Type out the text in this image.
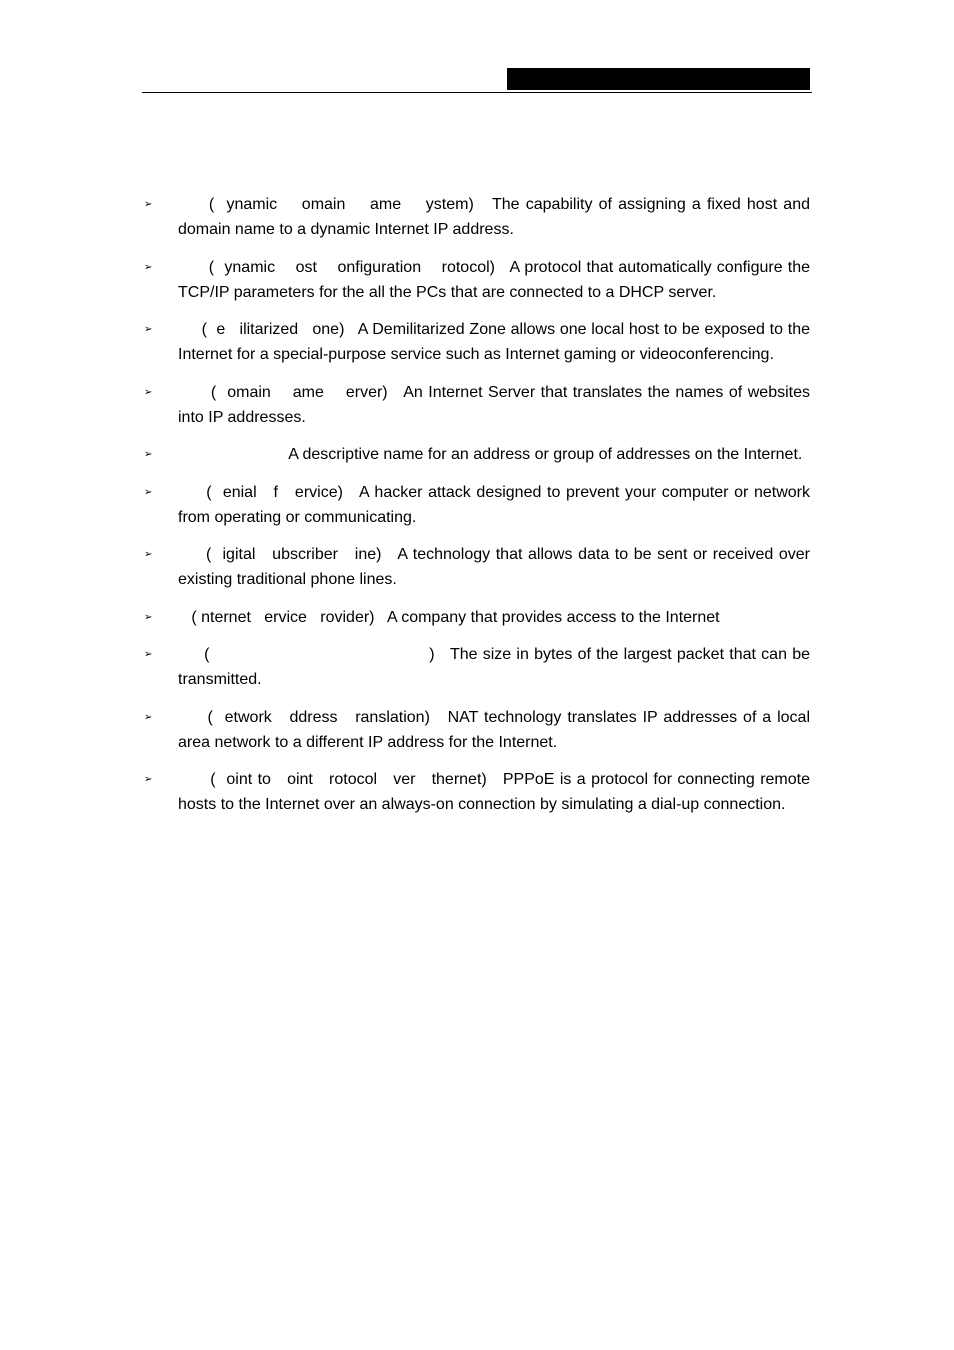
➢ (  ynamic    omain    ame    ystem)   The capability of assigning a fixed host and domain name to a dynamic Internet IP address.
➢ (  ynamic    ost    onfiguration    rotocol)   A protocol that automatically configure the TCP/IP parameters for the all the PCs that are connected to a DHCP server.
➢ (  e   ilitarized   one)   A Demilitarized Zone allows one local host to be exposed to the Internet for a special-purpose service such as Internet gaming or videoconferencing.
➢ (  omain    ame    erver)   An Internet Server that translates the names of websites into IP addresses.
➢	A descriptive name for an address or group of addresses on the Internet.
➢ (  enial   f   ervice)   A hacker attack designed to prevent your computer or network from operating or communicating.
➢ (  igital   ubscriber   ine)   A technology that allows data to be sent or received over existing traditional phone lines.
➢ ( nternet   ervice   rovider)   A company that provides access to the Internet
➢ (                                          )   The size in bytes of the largest packet that can be transmitted.
➢ (  etwork   ddress   ranslation)   NAT technology translates IP addresses of a local area network to a different IP address for the Internet.
➢ (  oint to   oint   rotocol   ver   thernet)   PPPoE is a protocol for connecting remote hosts to the Internet over an always-on connection by simulating a dial-up connection.
